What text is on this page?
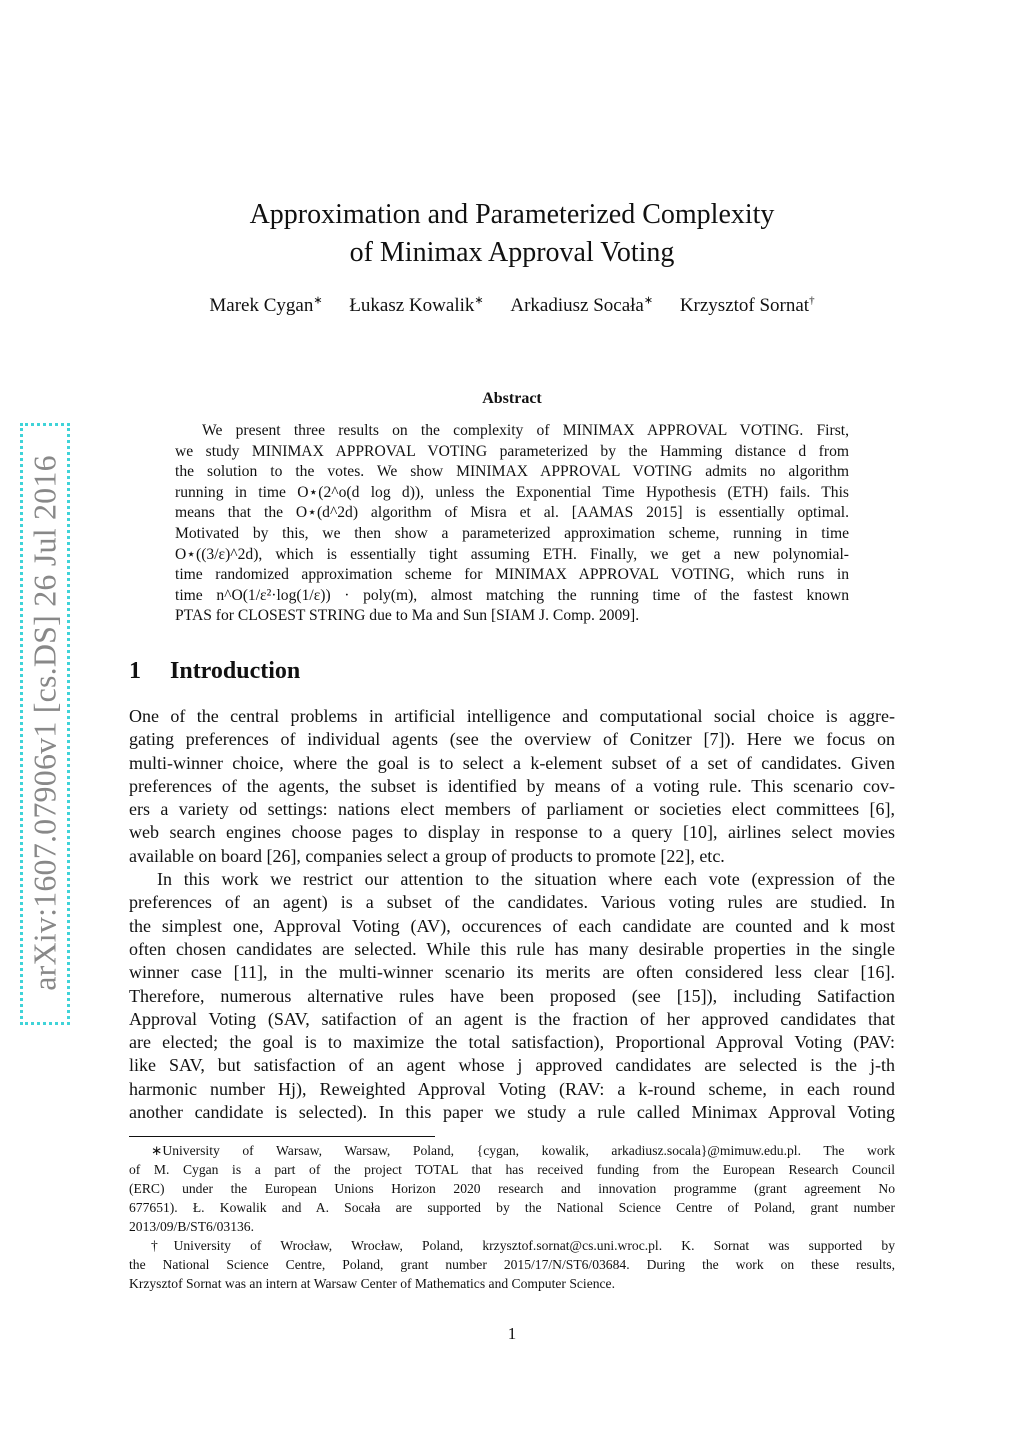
arXiv:1607.07906v1 [cs.DS] 26 Jul 2016
Approximation and Parameterized Complexity
of Minimax Approval Voting
Marek Cygan∗ Łukasz Kowalik∗ Arkadiusz Socała∗ Krzysztof Sornat†
Abstract
We present three results on the complexity of MINIMAX APPROVAL VOTING. First,
we study MINIMAX APPROVAL VOTING parameterized by the Hamming distance d from
the solution to the votes. We show MINIMAX APPROVAL VOTING admits no algorithm
running in time O⋆(2^o(d log d)), unless the Exponential Time Hypothesis (ETH) fails. This
means that the O⋆(d^2d) algorithm of Misra et al. [AAMAS 2015] is essentially optimal.
Motivated by this, we then show a parameterized approximation scheme, running in time
O⋆((3/ε)^2d), which is essentially tight assuming ETH. Finally, we get a new polynomial-
time randomized approximation scheme for MINIMAX APPROVAL VOTING, which runs in
time n^O(1/ε²·log(1/ε)) · poly(m), almost matching the running time of the fastest known
PTAS for CLOSEST STRING due to Ma and Sun [SIAM J. Comp. 2009].
1 Introduction
One of the central problems in artificial intelligence and computational social choice is aggre-
gating preferences of individual agents (see the overview of Conitzer [7]). Here we focus on
multi-winner choice, where the goal is to select a k-element subset of a set of candidates. Given
preferences of the agents, the subset is identified by means of a voting rule. This scenario cov-
ers a variety od settings: nations elect members of parliament or societies elect committees [6],
web search engines choose pages to display in response to a query [10], airlines select movies
available on board [26], companies select a group of products to promote [22], etc.
In this work we restrict our attention to the situation where each vote (expression of the
preferences of an agent) is a subset of the candidates. Various voting rules are studied. In
the simplest one, Approval Voting (AV), occurences of each candidate are counted and k most
often chosen candidates are selected. While this rule has many desirable properties in the single
winner case [11], in the multi-winner scenario its merits are often considered less clear [16].
Therefore, numerous alternative rules have been proposed (see [15]), including Satifaction
Approval Voting (SAV, satifaction of an agent is the fraction of her approved candidates that
are elected; the goal is to maximize the total satisfaction), Proportional Approval Voting (PAV:
like SAV, but satisfaction of an agent whose j approved candidates are selected is the j-th
harmonic number Hj), Reweighted Approval Voting (RAV: a k-round scheme, in each round
another candidate is selected). In this paper we study a rule called Minimax Approval Voting
∗University of Warsaw, Warsaw, Poland, {cygan, kowalik, arkadiusz.socala}@mimuw.edu.pl. The work
of M. Cygan is a part of the project TOTAL that has received funding from the European Research Council
(ERC) under the European Unions Horizon 2020 research and innovation programme (grant agreement No
677651). Ł. Kowalik and A. Socała are supported by the National Science Centre of Poland, grant number
2013/09/B/ST6/03136.
†University of Wrocław, Wrocław, Poland, krzysztof.sornat@cs.uni.wroc.pl. K. Sornat was supported by
the National Science Centre, Poland, grant number 2015/17/N/ST6/03684. During the work on these results,
Krzysztof Sornat was an intern at Warsaw Center of Mathematics and Computer Science.
1
